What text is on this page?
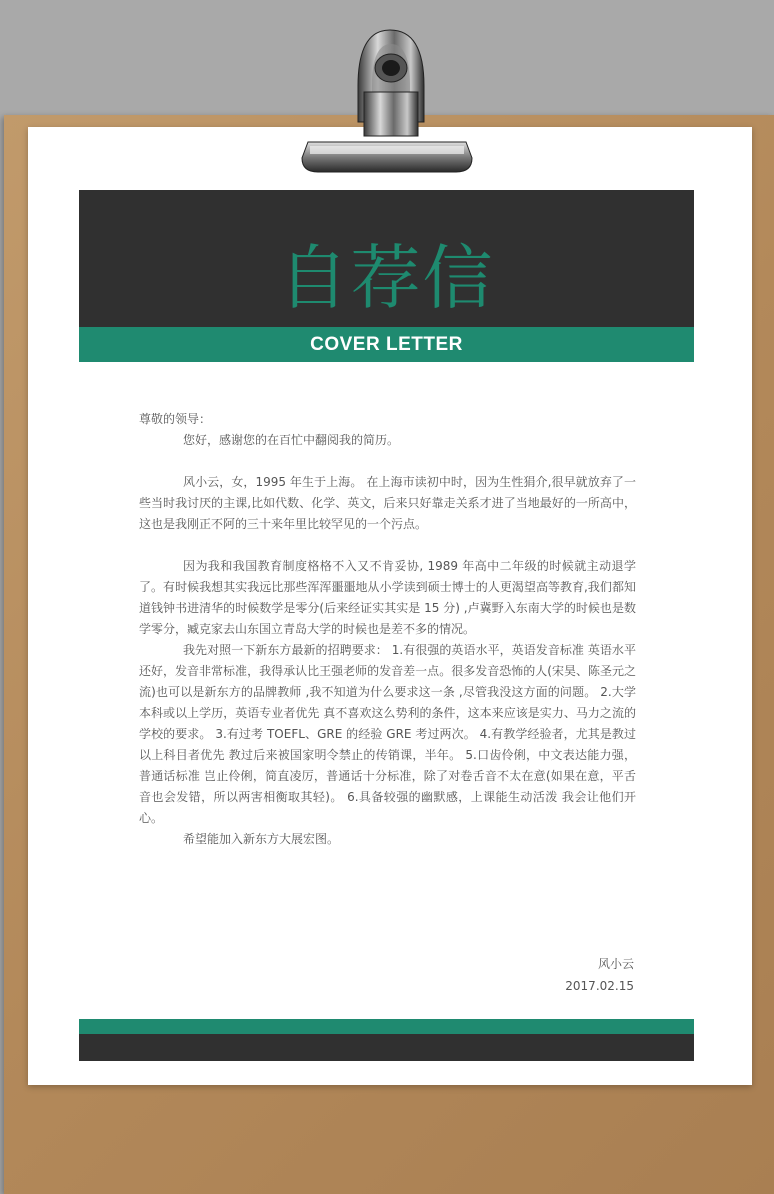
自荐信
COVER LETTER

尊敬的领导：

您好，感谢您的在百忙中翻阅我的简历。

风小云，女，1995 年生于上海。 在上海市读初中时，因为生性狷介,很早就放弃了一些当时我讨厌的主课,比如代数、化学、英文，后来只好靠走关系才进了当地最好的一所高中，这也是我刚正不阿的三十来年里比较罕见的一个污点。

因为我和我国教育制度格格不入又不肯妥协, 1989 年高中二年级的时候就主动退学了。有时候我想其实我远比那些浑浑噩噩地从小学读到硕士博士的人更渴望高等教育,我们都知道钱钟书进清华的时候数学是零分(后来经证实其实是 15 分) ,卢冀野入东南大学的时候也是数学零分，臧克家去山东国立青岛大学的时候也是差不多的情况。

我先对照一下新东方最新的招聘要求： 1.有很强的英语水平，英语发音标准 英语水平还好，发音非常标准，我得承认比王强老师的发音差一点。很多发音恐怖的人(宋昊、陈圣元之流)也可以是新东方的品牌教师 ,我不知道为什么要求这一条 ,尽管我没这方面的问题。 2.大学本科或以上学历，英语专业者优先 真不喜欢这么势利的条件，这本来应该是实力、马力之流的学校的要求。 3.有过考 TOEFL、GRE 的经验 GRE 考过两次。 4.有教学经验者，尤其是教过以上科目者优先 教过后来被国家明令禁止的传销课，半年。 5.口齿伶俐，中文表达能力强，普通话标准 岂止伶俐，简直凌厉，普通话十分标准，除了对卷舌音不太在意(如果在意，平舌音也会发错，所以两害相衡取其轻)。 6.具备较强的幽默感，上课能生动活泼 我会让他们开心。

希望能加入新东方大展宏图。

风小云
2017.02.15
